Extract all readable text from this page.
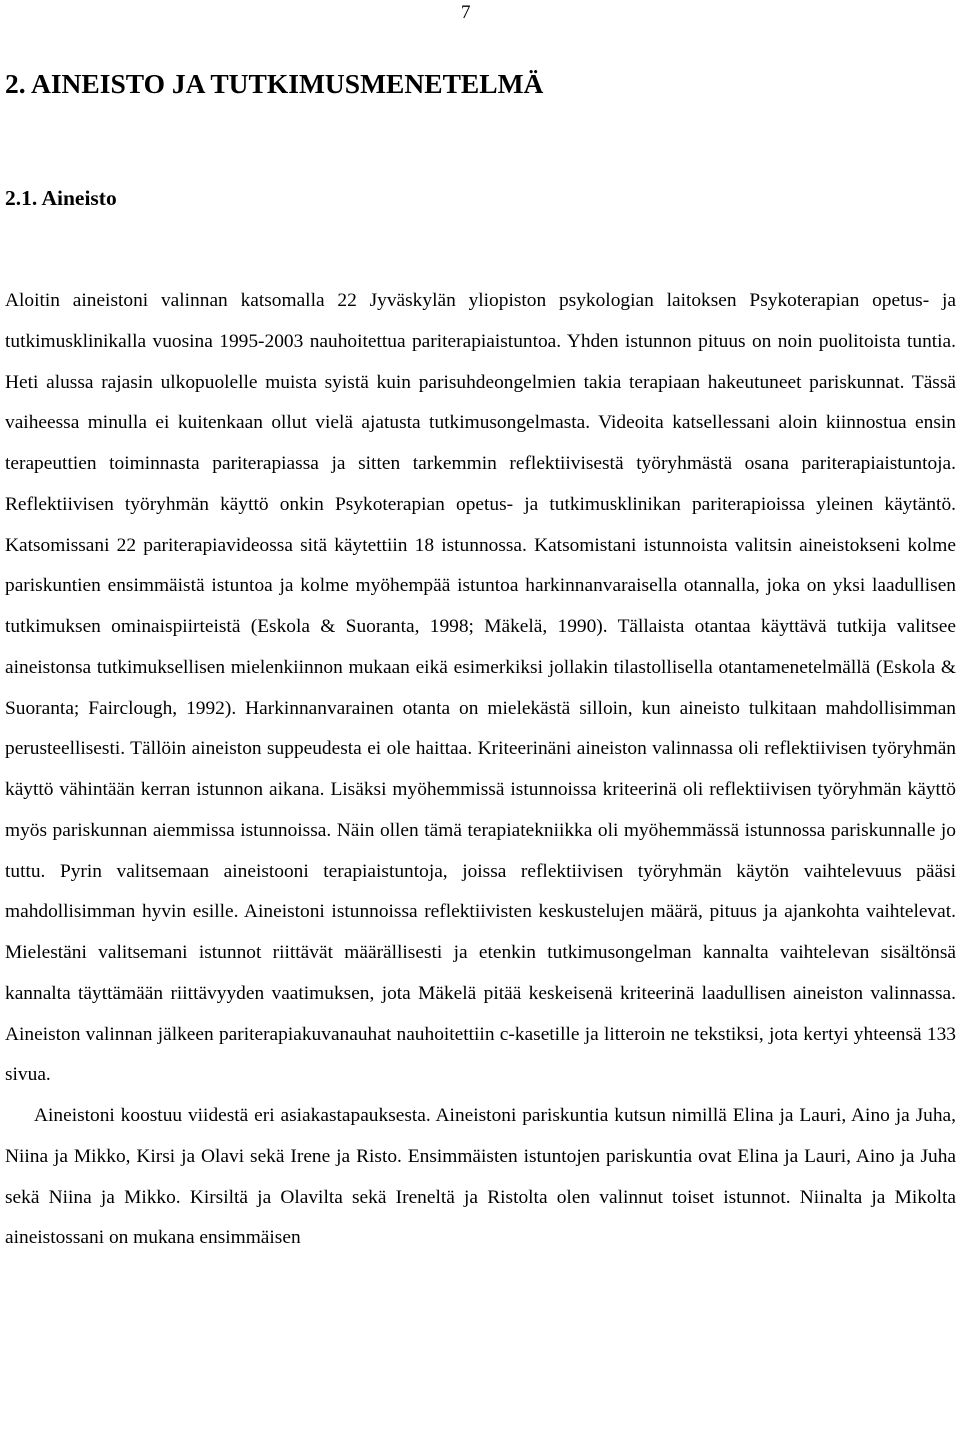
7
2. AINEISTO JA TUTKIMUSMENETELMÄ
2.1. Aineisto

Aloitin aineistoni valinnan katsomalla 22 Jyväskylän yliopiston psykologian laitoksen Psykoterapian opetus- ja tutkimusklinikalla vuosina 1995-2003 nauhoitettua pariterapiaistuntoa. Yhden istunnon pituus on noin puolitoista tuntia. Heti alussa rajasin ulkopuolelle muista syistä kuin parisuhdeongelmien takia terapiaan hakeutuneet pariskunnat. Tässä vaiheessa minulla ei kuitenkaan ollut vielä ajatusta tutkimusongelmasta. Videoita katsellessani aloin kiinnostua ensin terapeuttien toiminnasta pariterapiassa ja sitten tarkemmin reflektiivisestä työryhmästä osana pariterapiaistuntoja. Reflektiivisen työryhmän käyttö onkin Psykoterapian opetus- ja tutkimusklinikan pariterapioissa yleinen käytäntö. Katsomissani 22 pariterapiavideossa sitä käytettiin 18 istunnossa. Katsomistani istunnoista valitsin aineistokseni kolme pariskuntien ensimmäistä istuntoa ja kolme myöhempää istuntoa harkinnanvaraisella otannalla, joka on yksi laadullisen tutkimuksen ominaispiirteistä (Eskola & Suoranta, 1998; Mäkelä, 1990). Tällaista otantaa käyttävä tutkija valitsee aineistonsa tutkimuksellisen mielenkiinnon mukaan eikä esimerkiksi jollakin tilastollisella otantamenetelmällä (Eskola & Suoranta; Fairclough, 1992). Harkinnanvarainen otanta on mielekästä silloin, kun aineisto tulkitaan mahdollisimman perusteellisesti. Tällöin aineiston suppeudesta ei ole haittaa. Kriteerinäni aineiston valinnassa oli reflektiivisen työryhmän käyttö vähintään kerran istunnon aikana. Lisäksi myöhemmissä istunnoissa kriteerinä oli reflektiivisen työryhmän käyttö myös pariskunnan aiemmissa istunnoissa. Näin ollen tämä terapiatekniikka oli myöhemmässä istunnossa pariskunnalle jo tuttu. Pyrin valitsemaan aineistooni terapiaistuntoja, joissa reflektiivisen työryhmän käytön vaihtelevuus pääsi mahdollisimman hyvin esille. Aineistoni istunnoissa reflektiivisten keskustelujen määrä, pituus ja ajankohta vaihtelevat. Mielestäni valitsemani istunnot riittävät määrällisesti ja etenkin tutkimusongelman kannalta vaihtelevan sisältönsä kannalta täyttämään riittävyyden vaatimuksen, jota Mäkelä pitää keskeisenä kriteerinä laadullisen aineiston valinnassa. Aineiston valinnan jälkeen pariterapiakuvanauhat nauhoitettiin c-kasetille ja litteroin ne tekstiksi, jota kertyi yhteensä 133 sivua.

Aineistoni koostuu viidestä eri asiakastapauksesta. Aineistoni pariskuntia kutsun nimillä Elina ja Lauri, Aino ja Juha, Niina ja Mikko, Kirsi ja Olavi sekä Irene ja Risto. Ensimmäisten istuntojen pariskuntia ovat Elina ja Lauri, Aino ja Juha sekä Niina ja Mikko. Kirsiltä ja Olavilta sekä Ireneltä ja Ristolta olen valinnut toiset istunnot. Niinalta ja Mikolta aineistossani on mukana ensimmäisen
